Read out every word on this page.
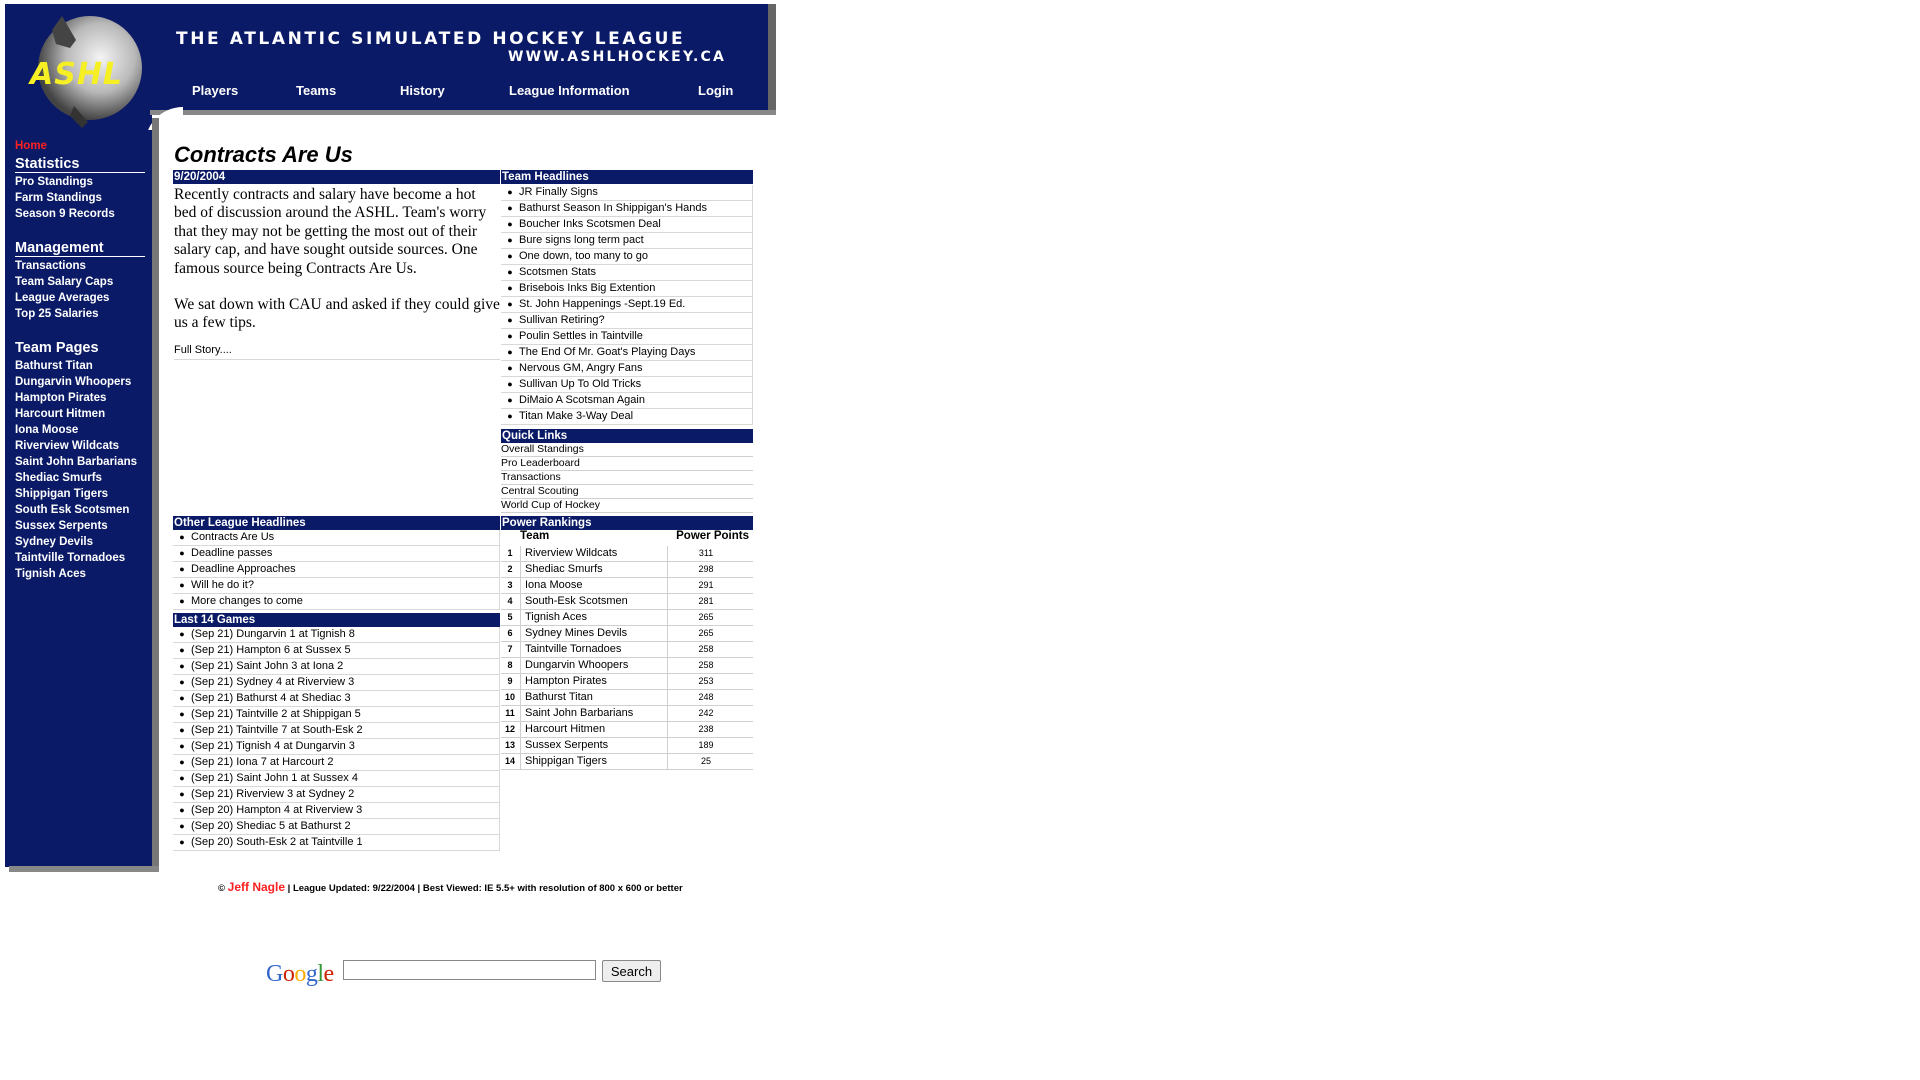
ASHL
THE ATLANTIC SIMULATED HOCKEY LEAGUE
WWW.ASHLHOCKEY.CA
Players	Teams	History	League Information	Login
Home
Statistics
Pro Standings
Farm Standings
Season 9 Records
Management
Transactions
Team Salary Caps
League Averages
Top 25 Salaries
Team Pages
Bathurst Titan
Dungarvin Whoopers
Hampton Pirates
Harcourt Hitmen
Iona Moose
Riverview Wildcats
Saint John Barbarians
Shediac Smurfs
Shippigan Tigers
South Esk Scotsmen
Sussex Serpents
Sydney Devils
Taintville Tornadoes
Tignish Aces
Contracts Are Us
9/20/2004

Recently contracts and salary have become a hot bed of discussion around the ASHL. Team's worry that they may not be getting the most out of their salary cap, and have sought outside sources. One famous source being Contracts Are Us.

We sat down with CAU and asked if they could give us a few tips.

Full Story....
Team Headlines
● JR Finally Signs
● Bathurst Season In Shippigan's Hands
● Boucher Inks Scotsmen Deal
● Bure signs long term pact
● One down, too many to go
● Scotsmen Stats
● Brisebois Inks Big Extention
● St. John Happenings -Sept.19 Ed.
● Sullivan Retiring?
● Poulin Settles in Taintville
● The End Of Mr. Goat's Playing Days
● Nervous GM, Angry Fans
● Sullivan Up To Old Tricks
● DiMaio A Scotsman Again
● Titan Make 3-Way Deal
Quick Links
Overall Standings
Pro Leaderboard
Transactions
Central Scouting
World Cup of Hockey
Other League Headlines
● Contracts Are Us
● Deadline passes
● Deadline Approaches
● Will he do it?
● More changes to come
Last 14 Games
● (Sep 21) Dungarvin 1 at Tignish 8
● (Sep 21) Hampton 6 at Sussex 5
● (Sep 21) Saint John 3 at Iona 2
● (Sep 21) Sydney 4 at Riverview 3
● (Sep 21) Bathurst 4 at Shediac 3
● (Sep 21) Taintville 2 at Shippigan 5
● (Sep 21) Taintville 7 at South-Esk 2
● (Sep 21) Tignish 4 at Dungarvin 3
● (Sep 21) Iona 7 at Harcourt 2
● (Sep 21) Saint John 1 at Sussex 4
● (Sep 21) Riverview 3 at Sydney 2
● (Sep 20) Hampton 4 at Riverview 3
● (Sep 20) Shediac 5 at Bathurst 2
● (Sep 20) South-Esk 2 at Taintville 1
Power Rankings
Team	Power Points
1	Riverview Wildcats	311
2	Shediac Smurfs	298
3	Iona Moose	291
4	South-Esk Scotsmen	281
5	Tignish Aces	265
6	Sydney Mines Devils	265
7	Taintville Tornadoes	258
8	Dungarvin Whoopers	258
9	Hampton Pirates	253
10 Bathurst Titan	248
11 Saint John Barbarians	242
12 Harcourt Hitmen	238
13 Sussex Serpents	189
14 Shippigan Tigers	25
© Jeff Nagle | League Updated: 9/22/2004 | Best Viewed: IE 5.5+ with resolution of 800 x 600 or better
Google	Search
